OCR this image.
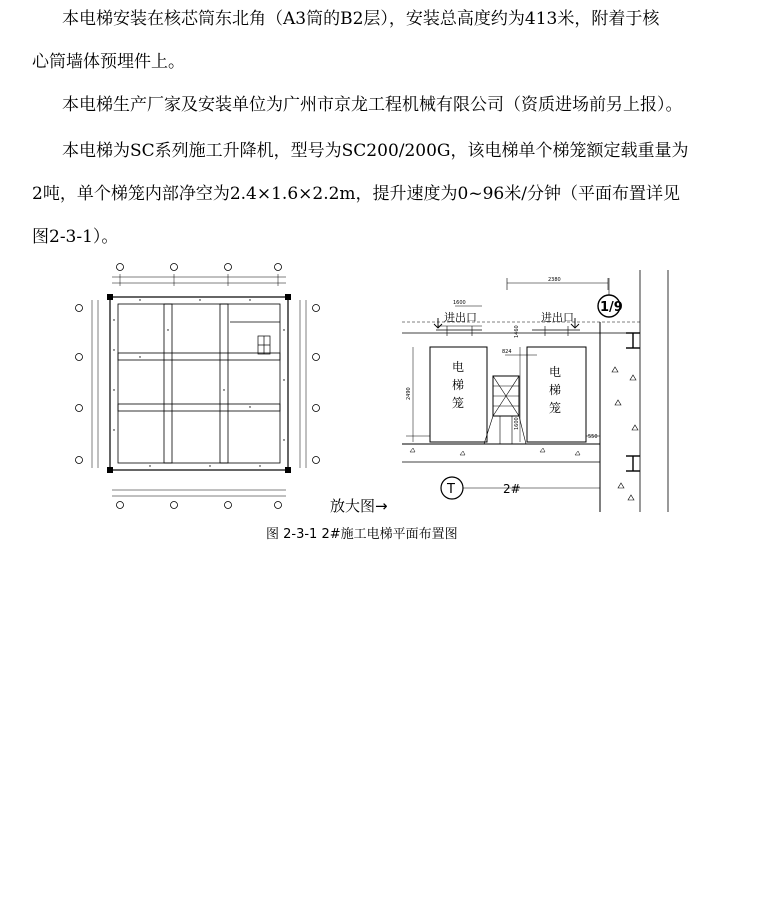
本电梯安装在核芯筒东北角（A3筒的B2层），安装总高度约为413米，附着于核
心筒墙体预埋件上。
本电梯生产厂家及安装单位为广州市京龙工程机械有限公司（资质进场前另上报）。
本电梯为SC系列施工升降机，型号为SC200/200G，该电梯单个梯笼额定载重量为
2吨，单个梯笼内部净空为2.4×1.6×2.2m，提升速度为0~96米/分钟（平面布置详见
图2-3-1）。
放大图→
1/9
T	2#
进出口	进出口
电
梯
笼
电
梯
笼
2380
1600
824
1460
2490
550
1600
图 2-3-1 2#施工电梯平面布置图
